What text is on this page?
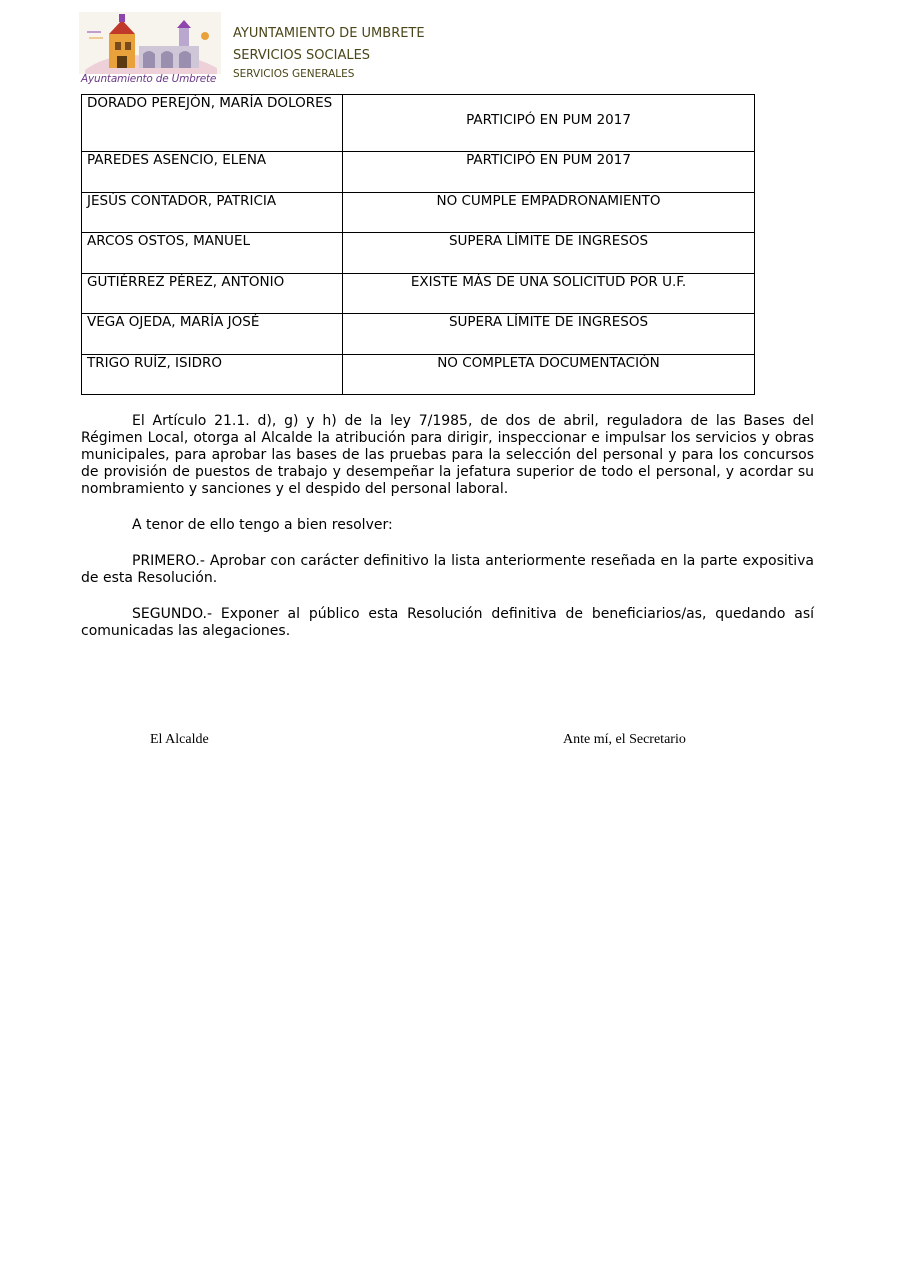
Ayuntamiento de Umbrete
AYUNTAMIENTO DE UMBRETE
SERVICIOS SOCIALES
SERVICIOS GENERALES
DORADO PEREJÓN, MARÍA DOLORES	PARTICIPÓ EN PUM 2017
PAREDES ASENCIO, ELENA	PARTICIPÓ EN PUM 2017
JESÚS CONTADOR, PATRICIA	NO CUMPLE EMPADRONAMIENTO
ARCOS OSTOS, MANUEL	SUPERA LÍMITE DE INGRESOS
GUTIÉRREZ PÉREZ, ANTONIO	EXISTE MÁS DE UNA SOLICITUD POR U.F.
VEGA OJEDA, MARÍA JOSÉ	SUPERA LÍMITE DE INGRESOS
TRIGO RUÍZ, ISIDRO	NO COMPLETA DOCUMENTACIÓN

El Artículo 21.1. d), g) y h) de la ley 7/1985, de dos de abril, reguladora de las Bases del Régimen Local, otorga al Alcalde la atribución para dirigir, inspeccionar e impulsar los servicios y obras municipales, para aprobar las bases de las pruebas para la selección del personal y para los concursos de provisión de puestos de trabajo y desempeñar la jefatura superior de todo el personal, y acordar su nombramiento y sanciones y el despido del personal laboral.

A tenor de ello tengo a bien resolver:

PRIMERO.- Aprobar con carácter definitivo la lista anteriormente reseñada en la parte expositiva de esta Resolución.

SEGUNDO.- Exponer al público esta Resolución definitiva de beneficiarios/as, quedando así comunicadas las alegaciones.

El Alcalde	Ante mí, el Secretario
